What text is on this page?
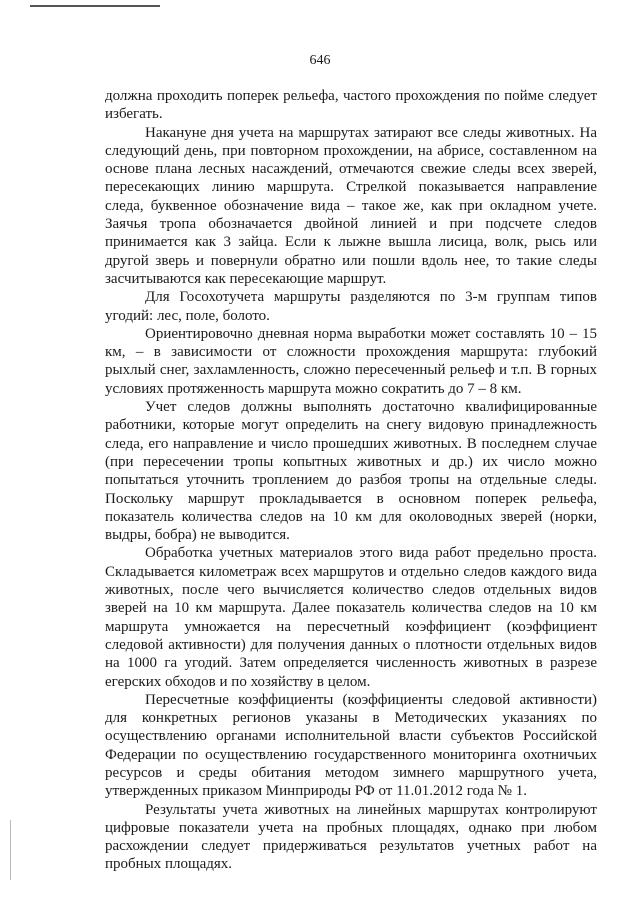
646

должна проходить поперек рельефа, частого прохождения по пойме следует избегать.

Накануне дня учета на маршрутах затирают все следы животных. На следующий день, при повторном прохождении, на абрисе, составленном на основе плана лесных насаждений, отмечаются свежие следы всех зверей, пересекающих линию маршрута. Стрелкой показывается направление следа, буквенное обозначение вида – такое же, как при окладном учете. Заячья тропа обозначается двойной линией и при подсчете следов принимается как 3 зайца. Если к лыжне вышла лисица, волк, рысь или другой зверь и повернули обратно или пошли вдоль нее, то такие следы засчитываются как пересекающие маршрут.

Для Госохотучета маршруты разделяются по 3-м группам типов угодий: лес, поле, болото.

Ориентировочно дневная норма выработки может составлять 10 – 15 км, – в зависимости от сложности прохождения маршрута: глубокий рыхлый снег, захламленность, сложно пересеченный рельеф и т.п. В горных условиях протяженность маршрута можно сократить до 7 – 8 км.

Учет следов должны выполнять достаточно квалифицированные работники, которые могут определить на снегу видовую принадлежность следа, его направление и число прошедших животных. В последнем случае (при пересечении тропы копытных животных и др.) их число можно попытаться уточнить троплением до разбоя тропы на отдельные следы. Поскольку маршрут прокладывается в основном поперек рельефа, показатель количества следов на 10 км для околоводных зверей (норки, выдры, бобра) не выводится.

Обработка учетных материалов этого вида работ предельно проста. Складывается километраж всех маршрутов и отдельно следов каждого вида животных, после чего вычисляется количество следов отдельных видов зверей на 10 км маршрута. Далее показатель количества следов на 10 км маршрута умножается на пересчетный коэффициент (коэффициент следовой активности) для получения данных о плотности отдельных видов на 1000 га угодий. Затем определяется численность животных в разрезе егерских обходов и по хозяйству в целом.

Пересчетные коэффициенты (коэффициенты следовой активности) для конкретных регионов указаны в Методических указаниях по осуществлению органами исполнительной власти субъектов Российской Федерации по осуществлению государственного мониторинга охотничьих ресурсов и среды обитания методом зимнего маршрутного учета, утвержденных приказом Минприроды РФ от 11.01.2012 года № 1.

Результаты учета животных на линейных маршрутах контролируют цифровые показатели учета на пробных площадях, однако при любом расхождении следует придерживаться результатов учетных работ на пробных площадях.
